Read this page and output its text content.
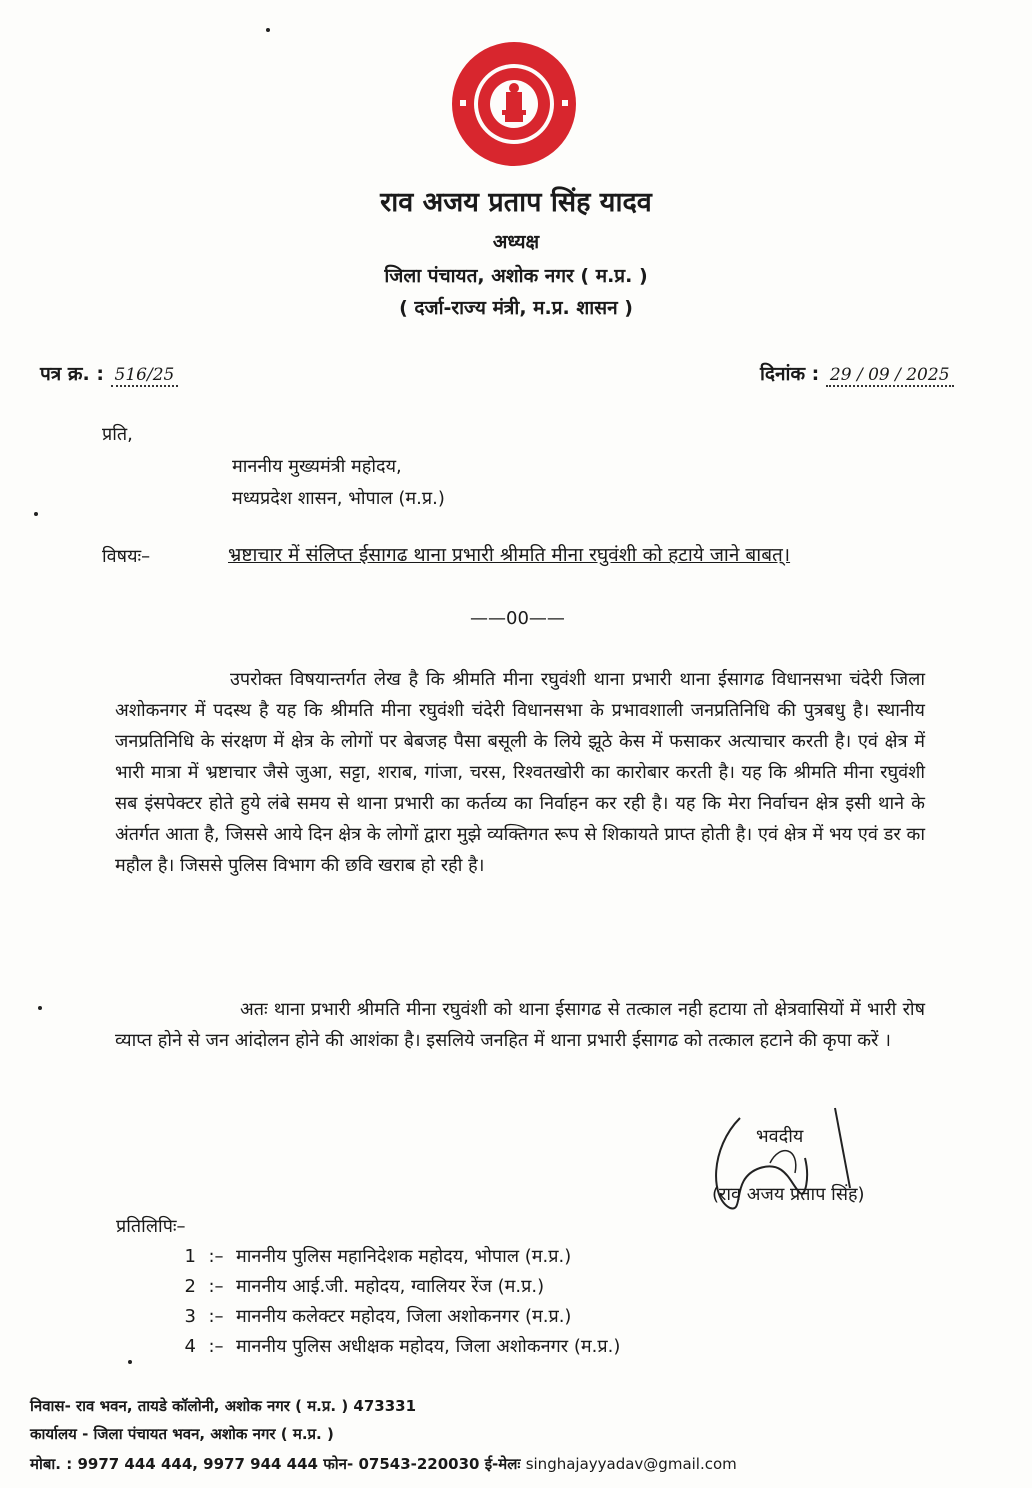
राव अजय प्रताप सिंह यादव
अध्यक्ष
जिला पंचायत, अशोक नगर ( म.प्र. )
( दर्जा-राज्य मंत्री, म.प्र. शासन )
पत्र क्र. : 516/25	दिनांक : 29 / 09 / 2025
प्रति,
माननीय मुख्यमंत्री महोदय,
मध्यप्रदेश शासन, भोपाल (म.प्र.)
विषयः–	भ्रष्टाचार में संलिप्त ईसागढ थाना प्रभारी श्रीमति मीना रघुवंशी को हटाये जाने बाबत्।
——00——
उपरोक्त विषयान्तर्गत लेख है कि श्रीमति मीना रघुवंशी थाना प्रभारी थाना ईसागढ विधानसभा चंदेरी जिला अशोकनगर में पदस्थ है यह कि श्रीमति मीना रघुवंशी चंदेरी विधानसभा के प्रभावशाली जनप्रतिनिधि की पुत्रबधु है। स्थानीय जनप्रतिनिधि के संरक्षण में क्षेत्र के लोगों पर बेबजह पैसा बसूली के लिये झूठे केस में फसाकर अत्याचार करती है। एवं क्षेत्र में भारी मात्रा में भ्रष्टाचार जैसे जुआ, सट्टा, शराब, गांजा, चरस, रिश्वतखोरी का कारोबार करती है। यह कि श्रीमति मीना रघुवंशी सब इंसपेक्टर होते हुये लंबे समय से थाना प्रभारी का कर्तव्य का निर्वाहन कर रही है। यह कि मेरा निर्वाचन क्षेत्र इसी थाने के अंतर्गत आता है, जिससे आये दिन क्षेत्र के लोगों द्वारा मुझे व्यक्तिगत रूप से शिकायते प्राप्त होती है। एवं क्षेत्र में भय एवं डर का महौल है। जिससे पुलिस विभाग की छवि खराब हो रही है।
अतः थाना प्रभारी श्रीमति मीना रघुवंशी को थाना ईसागढ से तत्काल नही हटाया तो क्षेत्रवासियों में भारी रोष व्याप्त होने से जन आंदोलन होने की आशंका है। इसलिये जनहित में थाना प्रभारी ईसागढ को तत्काल हटाने की कृपा करें ।
भवदीय
(राव अजय प्रताप सिंह)
प्रतिलिपिः–
1 :– माननीय पुलिस महानिदेशक महोदय, भोपाल (म.प्र.)
2 :– माननीय आई.जी. महोदय, ग्वालियर रेंज (म.प्र.)
3 :– माननीय कलेक्टर महोदय, जिला अशोकनगर (म.प्र.)
4 :– माननीय पुलिस अधीक्षक महोदय, जिला अशोकनगर (म.प्र.)
निवास- राव भवन, तायडे कॉलोनी, अशोक नगर ( म.प्र. ) 473331
कार्यालय - जिला पंचायत भवन, अशोक नगर ( म.प्र. )
मोबा. : 9977 444 444, 9977 944 444 फोन- 07543-220030 ई-मेलः singhajayyadav@gmail.com
